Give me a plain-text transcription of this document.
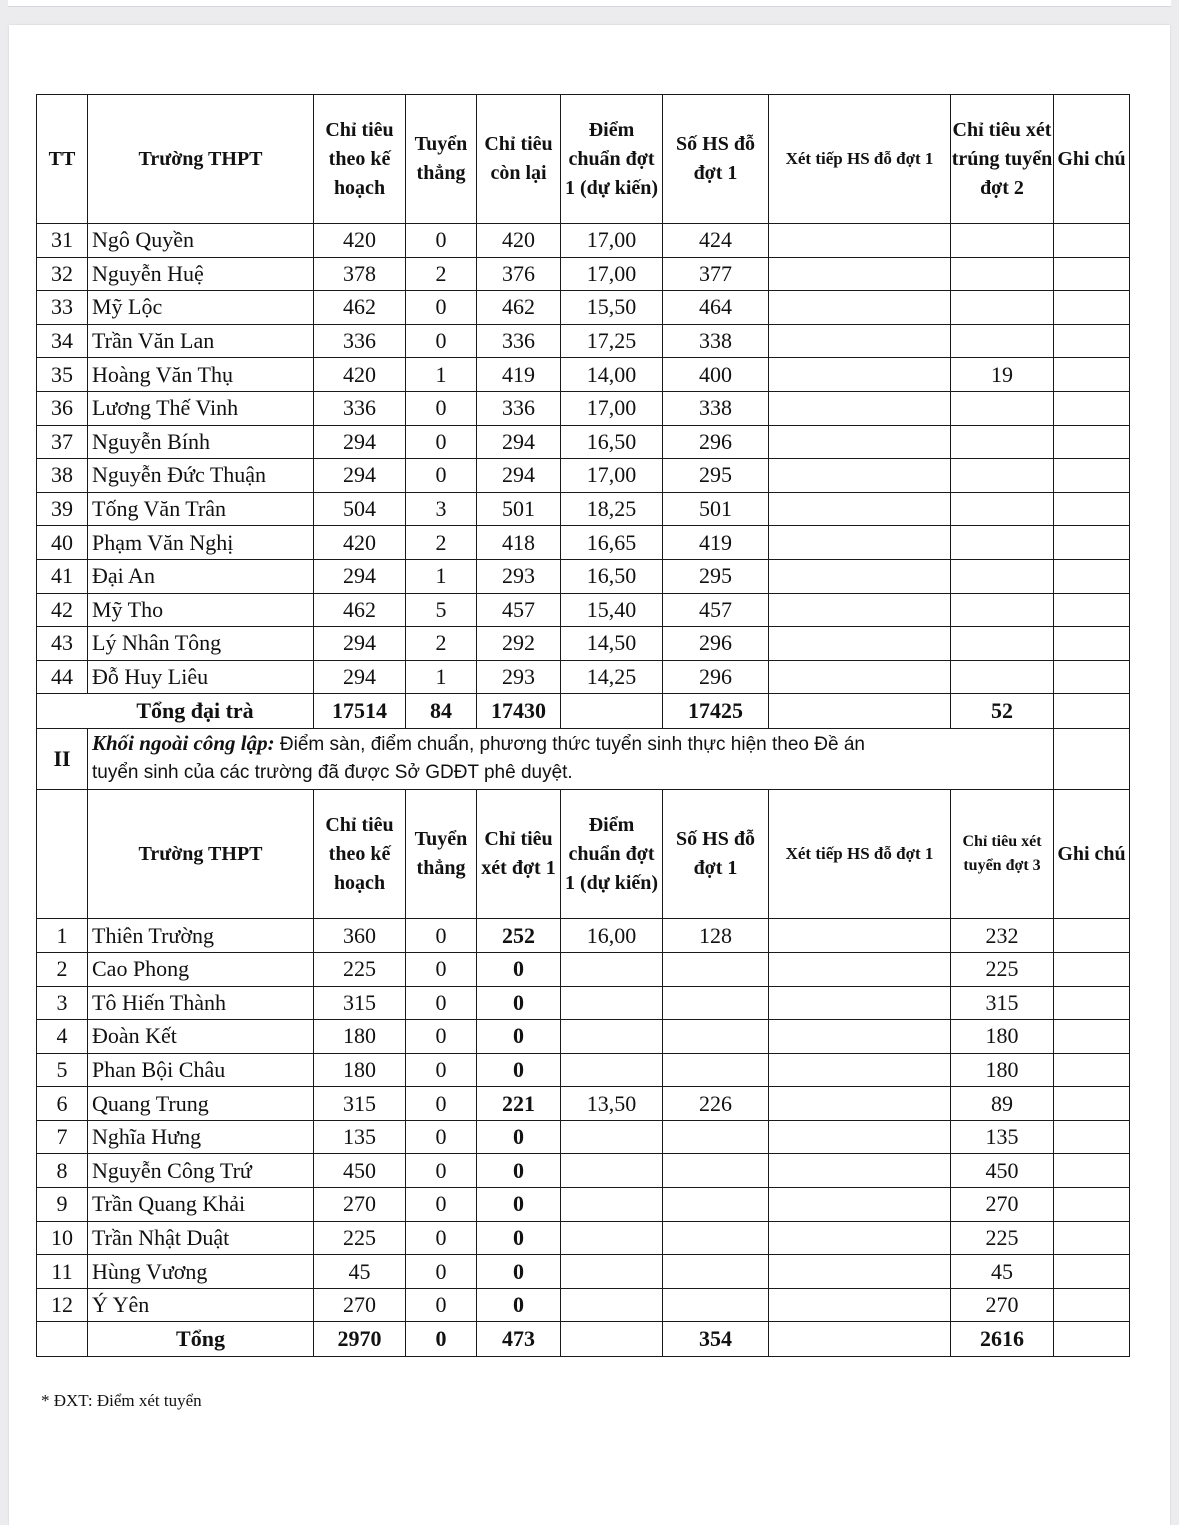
TT	Trường THPT	Chỉ tiêu theo kế hoạch	Tuyển thẳng	Chỉ tiêu còn lại	Điểm chuẩn đợt 1 (dự kiến)	Số HS đỗ đợt 1	Xét tiếp HS đỗ đợt 1	Chỉ tiêu xét trúng tuyển đợt 2	Ghi chú
31	Ngô Quyền	420	0	420	17,00	424			
32	Nguyễn Huệ	378	2	376	17,00	377			
33	Mỹ Lộc	462	0	462	15,50	464			
34	Trần Văn Lan	336	0	336	17,25	338			
35	Hoàng Văn Thụ	420	1	419	14,00	400		19	
36	Lương Thế Vinh	336	0	336	17,00	338			
37	Nguyễn Bính	294	0	294	16,50	296			
38	Nguyễn Đức Thuận	294	0	294	17,00	295			
39	Tống Văn Trân	504	3	501	18,25	501			
40	Phạm Văn Nghị	420	2	418	16,65	419			
41	Đại An	294	1	293	16,50	295			
42	Mỹ Tho	462	5	457	15,40	457			
43	Lý Nhân Tông	294	2	292	14,50	296			
44	Đỗ Huy Liêu	294	1	293	14,25	296			
Tổng đại trà		17514	84	17430		17425		52	
II	Khối ngoài công lập: Điểm sàn, điểm chuẩn, phương thức tuyển sinh thực hiện theo Đề án tuyển sinh của các trường đã được Sở GDĐT phê duyệt.								
	Trường THPT	Chỉ tiêu theo kế hoạch	Tuyển thẳng	Chỉ tiêu xét đợt 1	Điểm chuẩn đợt 1 (dự kiến)	Số HS đỗ đợt 1	Xét tiếp HS đỗ đợt 1	Chỉ tiêu xét tuyển đợt 3	Ghi chú
1	Thiên Trường	360	0	252	16,00	128		232	
2	Cao Phong	225	0	0				225	
3	Tô Hiến Thành	315	0	0				315	
4	Đoàn Kết	180	0	0				180	
5	Phan Bội Châu	180	0	0				180	
6	Quang Trung	315	0	221	13,50	226		89	
7	Nghĩa Hưng	135	0	0				135	
8	Nguyễn Công Trứ	450	0	0				450	
9	Trần Quang Khải	270	0	0				270	
10	Trần Nhật Duật	225	0	0				225	
11	Hùng Vương	45	0	0				45	
12	Ý Yên	270	0	0				270	
	Tổng	2970	0	473		354		2616	
* ĐXT: Điểm xét tuyển
